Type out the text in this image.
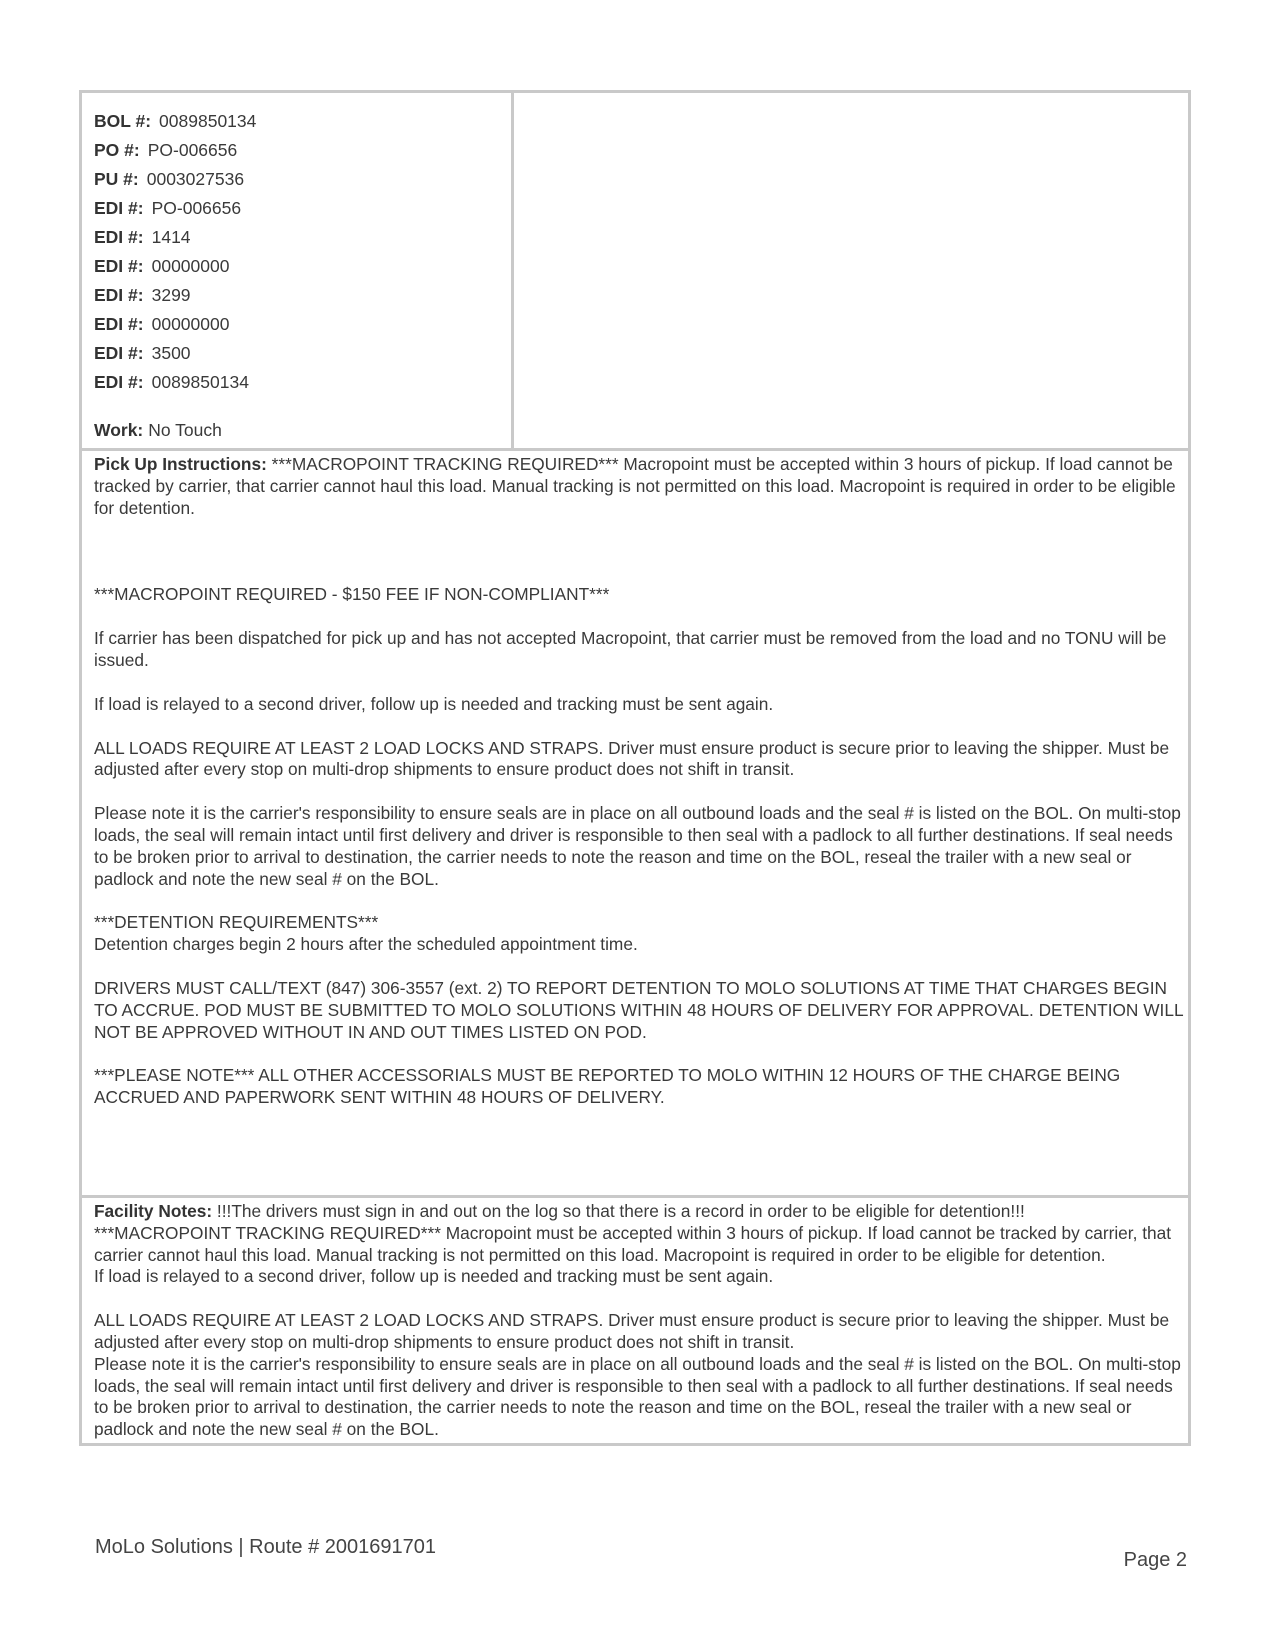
BOL #: 0089850134
PO #: PO-006656
PU #: 0003027536
EDI #: PO-006656
EDI #: 1414
EDI #: 00000000
EDI #: 3299
EDI #: 00000000
EDI #: 3500
EDI #: 0089850134
Work: No Touch

Pick Up Instructions: ***MACROPOINT TRACKING REQUIRED*** Macropoint must be accepted within 3 hours of pickup. If load cannot be tracked by carrier, that carrier cannot haul this load. Manual tracking is not permitted on this load. Macropoint is required in order to be eligible for detention.

***MACROPOINT REQUIRED - $150 FEE IF NON-COMPLIANT***

If carrier has been dispatched for pick up and has not accepted Macropoint, that carrier must be removed from the load and no TONU will be issued.

If load is relayed to a second driver, follow up is needed and tracking must be sent again.

ALL LOADS REQUIRE AT LEAST 2 LOAD LOCKS AND STRAPS. Driver must ensure product is secure prior to leaving the shipper. Must be adjusted after every stop on multi-drop shipments to ensure product does not shift in transit.

Please note it is the carrier's responsibility to ensure seals are in place on all outbound loads and the seal # is listed on the BOL. On multi-stop loads, the seal will remain intact until first delivery and driver is responsible to then seal with a padlock to all further destinations. If seal needs to be broken prior to arrival to destination, the carrier needs to note the reason and time on the BOL, reseal the trailer with a new seal or padlock and note the new seal # on the BOL.

***DETENTION REQUIREMENTS***
Detention charges begin 2 hours after the scheduled appointment time.

DRIVERS MUST CALL/TEXT (847) 306-3557 (ext. 2) TO REPORT DETENTION TO MOLO SOLUTIONS AT TIME THAT CHARGES BEGIN TO ACCRUE. POD MUST BE SUBMITTED TO MOLO SOLUTIONS WITHIN 48 HOURS OF DELIVERY FOR APPROVAL. DETENTION WILL NOT BE APPROVED WITHOUT IN AND OUT TIMES LISTED ON POD.

***PLEASE NOTE*** ALL OTHER ACCESSORIALS MUST BE REPORTED TO MOLO WITHIN 12 HOURS OF THE CHARGE BEING ACCRUED AND PAPERWORK SENT WITHIN 48 HOURS OF DELIVERY.

Facility Notes: !!!The drivers must sign in and out on the log so that there is a record in order to be eligible for detention!!!
***MACROPOINT TRACKING REQUIRED*** Macropoint must be accepted within 3 hours of pickup. If load cannot be tracked by carrier, that carrier cannot haul this load. Manual tracking is not permitted on this load. Macropoint is required in order to be eligible for detention.
If load is relayed to a second driver, follow up is needed and tracking must be sent again.
ALL LOADS REQUIRE AT LEAST 2 LOAD LOCKS AND STRAPS. Driver must ensure product is secure prior to leaving the shipper. Must be adjusted after every stop on multi-drop shipments to ensure product does not shift in transit.
Please note it is the carrier's responsibility to ensure seals are in place on all outbound loads and the seal # is listed on the BOL. On multi-stop loads, the seal will remain intact until first delivery and driver is responsible to then seal with a padlock to all further destinations. If seal needs to be broken prior to arrival to destination, the carrier needs to note the reason and time on the BOL, reseal the trailer with a new seal or padlock and note the new seal # on the BOL.
MoLo Solutions | Route # 2001691701
Page 2
